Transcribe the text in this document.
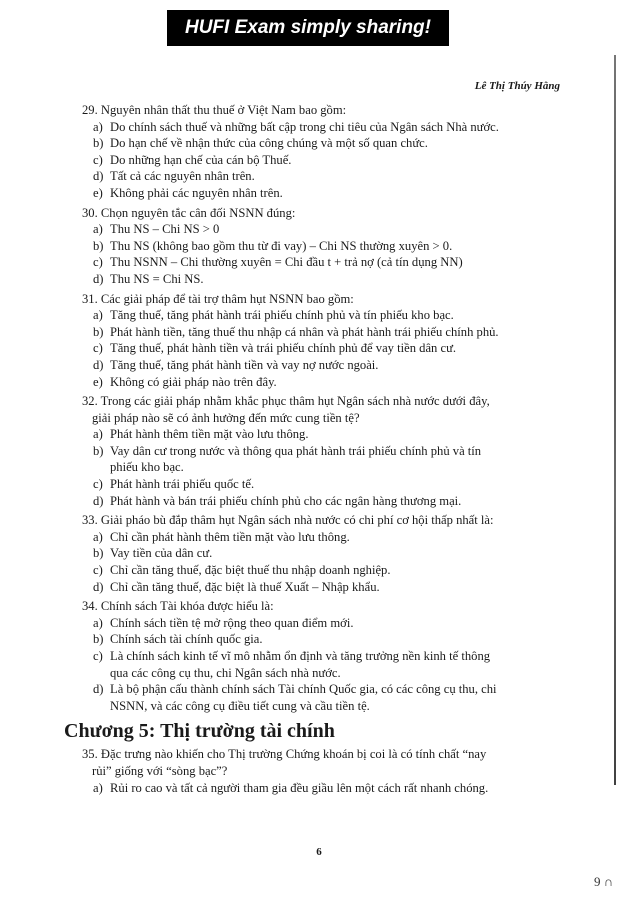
HUFI Exam simply sharing!
Lê Thị Thúy Hằng
29. Nguyên nhân thất thu thuế ở Việt Nam bao gồm:
a) Do chính sách thuế và những bất cập trong chi tiêu của Ngân sách Nhà nước.
b) Do hạn chế về nhận thức của công chúng và một số quan chức.
c) Do những hạn chế của cán bộ Thuế.
d) Tất cả các nguyên nhân trên.
e) Không phải các nguyên nhân trên.
30. Chọn nguyên tắc cân đối NSNN đúng:
a) Thu NS – Chi NS > 0
b) Thu NS (không bao gồm thu từ đi vay) – Chi NS thường xuyên > 0.
c) Thu NSNN – Chi thường xuyên = Chi đầu t + trả nợ (cả tín dụng NN)
d) Thu NS = Chi NS.
31. Các giải pháp để tài trợ thâm hụt NSNN bao gồm:
a) Tăng thuế, tăng phát hành trái phiếu chính phủ và tín phiếu kho bạc.
b) Phát hành tiền, tăng thuế thu nhập cá nhân và phát hành trái phiếu chính phủ.
c) Tăng thuế, phát hành tiền và trái phiếu chính phủ để vay tiền dân cư.
d) Tăng thuế, tăng phát hành tiền và vay nợ nước ngoài.
e) Không có giải pháp nào trên đây.
32. Trong các giải pháp nhằm khắc phục thâm hụt Ngân sách nhà nước dưới đây,
giải pháp nào sẽ có ảnh hưởng đến mức cung tiền tệ?
a) Phát hành thêm tiền mặt vào lưu thông.
b) Vay dân cư trong nước và thông qua phát hành trái phiếu chính phủ và tín
phiếu kho bạc.
c) Phát hành trái phiếu quốc tế.
d) Phát hành và bán trái phiếu chính phủ cho các ngân hàng thương mại.
33. Giải pháo bù đắp thâm hụt Ngân sách nhà nước có chi phí cơ hội thấp nhất là:
a) Chỉ cần phát hành thêm tiền mặt vào lưu thông.
b) Vay tiền của dân cư.
c) Chỉ cần tăng thuế, đặc biệt thuế thu nhập doanh nghiệp.
d) Chỉ cần tăng thuế, đặc biệt là thuế Xuất – Nhập khẩu.
34. Chính sách Tài khóa được hiểu là:
a) Chính sách tiền tệ mở rộng theo quan điểm mới.
b) Chính sách tài chính quốc gia.
c) Là chính sách kinh tế vĩ mô nhằm ổn định và tăng trưởng nền kinh tế thông
qua các công cụ thu, chi Ngân sách nhà nước.
d) Là bộ phận cấu thành chính sách Tài chính Quốc gia, có các công cụ thu, chi
NSNN, và các công cụ điều tiết cung và cầu tiền tệ.
Chương 5: Thị trường tài chính
35. Đặc trưng nào khiến cho Thị trường Chứng khoán bị coi là có tính chất “nay
rủi” giống với “sòng bạc”?
a) Rủi ro cao và tất cả người tham gia đều giầu lên một cách rất nhanh chóng.
6
9 ∩
